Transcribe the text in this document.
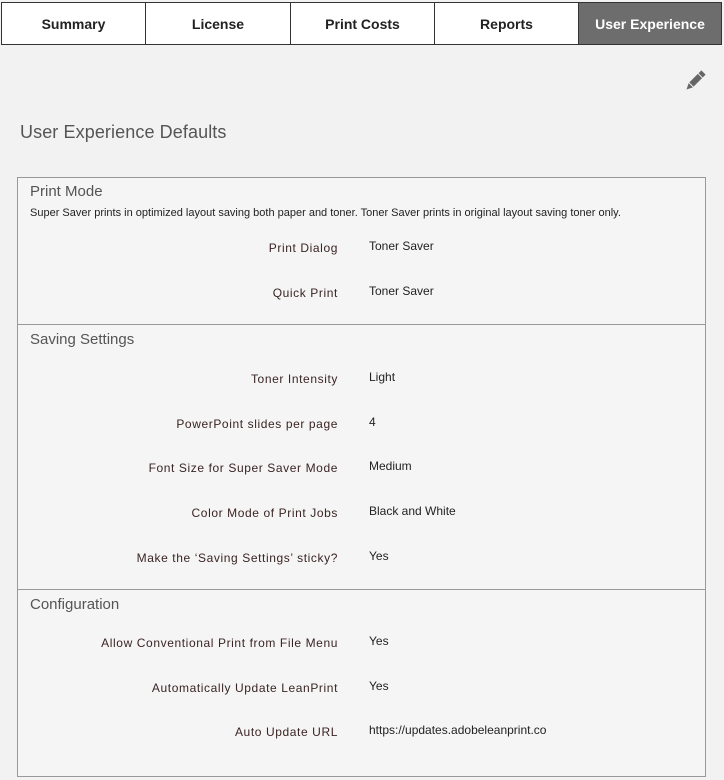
Summary	License	Print Costs	Reports	User Experience
User Experience Defaults
Print Mode
Super Saver prints in optimized layout saving both paper and toner. Toner Saver prints in original layout saving toner only.
Print Dialog	Toner Saver
Quick Print	Toner Saver
Saving Settings
Toner Intensity	Light
PowerPoint slides per page	4
Font Size for Super Saver Mode	Medium
Color Mode of Print Jobs	Black and White
Make the ‘Saving Settings’ sticky?	Yes
Configuration
Allow Conventional Print from File Menu	Yes
Automatically Update LeanPrint	Yes
Auto Update URL	https://updates.adobeleanprint.co
